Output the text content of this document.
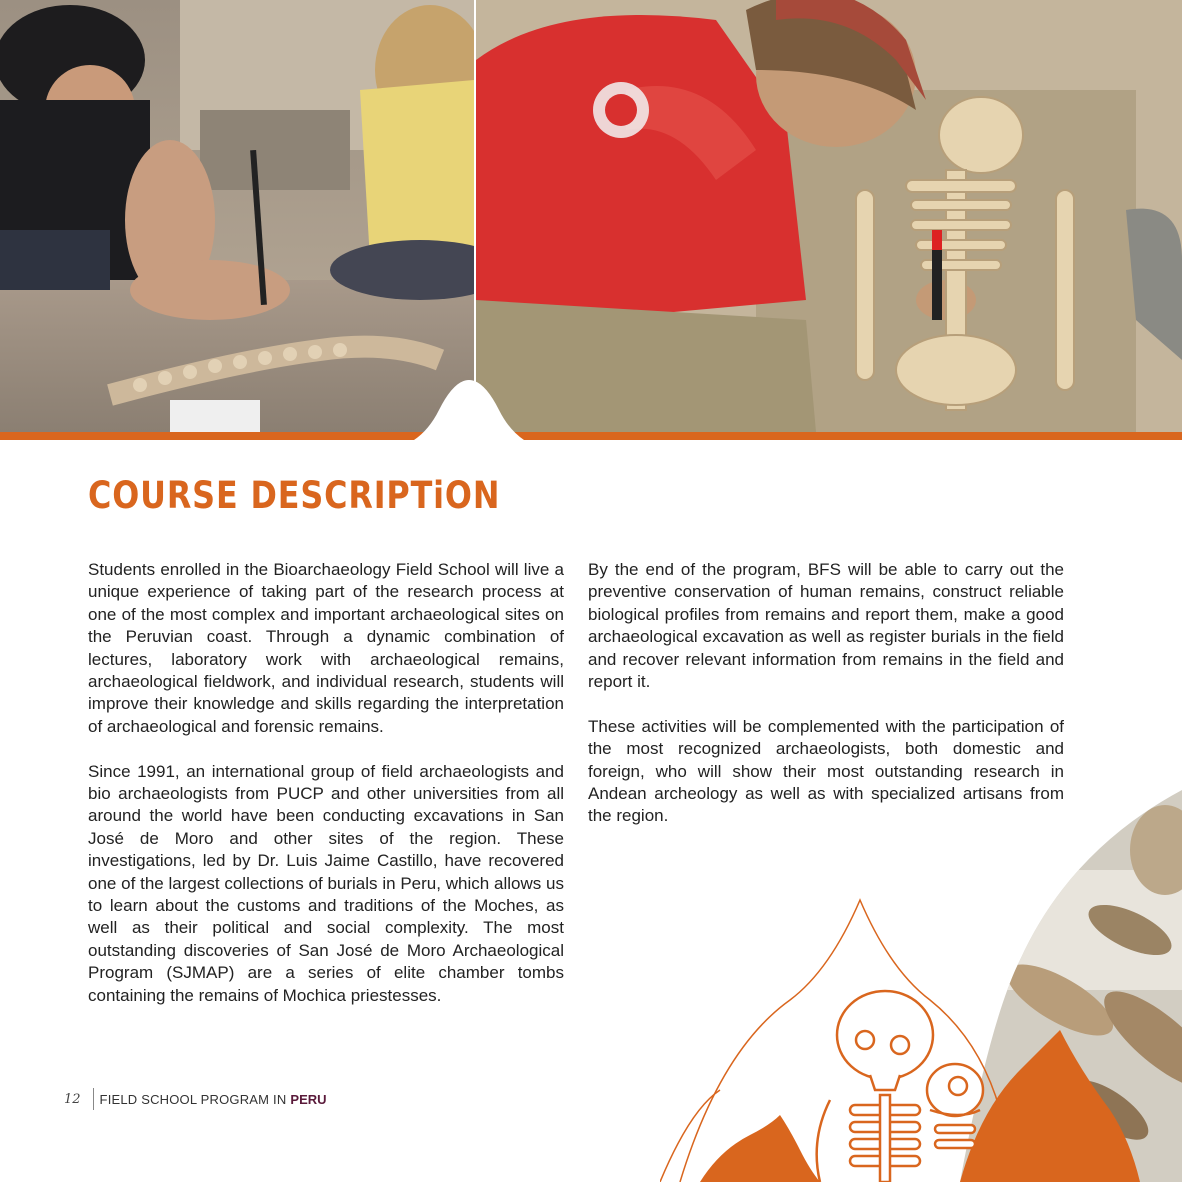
COURSE DESCRIPTiON

Students enrolled in the Bioarchaeology Field School will live a unique experience of taking part of the research process at one of the most complex and important archaeological sites on the Peruvian coast. Through a dynamic combination of lectures, laboratory work with archaeological remains, archaeological fieldwork, and individual research, students will improve their knowledge and skills regarding the interpretation of archaeological and forensic remains.

Since 1991, an international group of field archaeologists and bio archaeologists from PUCP and other universities from all around the world have been conducting excavations in San José de Moro and other sites of the region. These investigations, led by Dr. Luis Jaime Castillo, have recovered one of the largest collections of burials in Peru, which allows us to learn about the customs and traditions of the Moches, as well as their political and social complexity. The most outstanding discoveries of San José de Moro Archaeological Program (SJMAP) are a series of elite chamber tombs containing the remains of Mochica priestesses.

By the end of the program, BFS will be able to carry out the preventive conservation of human remains, construct reliable biological profiles from remains and report them, make a good archaeological excavation as well as register burials in the field and recover relevant information from remains in the field and report it.

These activities will be complemented with the participation of the most recognized archaeologists, both domestic and foreign, who will show their most outstanding research in Andean archeology as well as with specialized artisans from the region.

12 FIELD SCHOOL PROGRAM IN PERU
